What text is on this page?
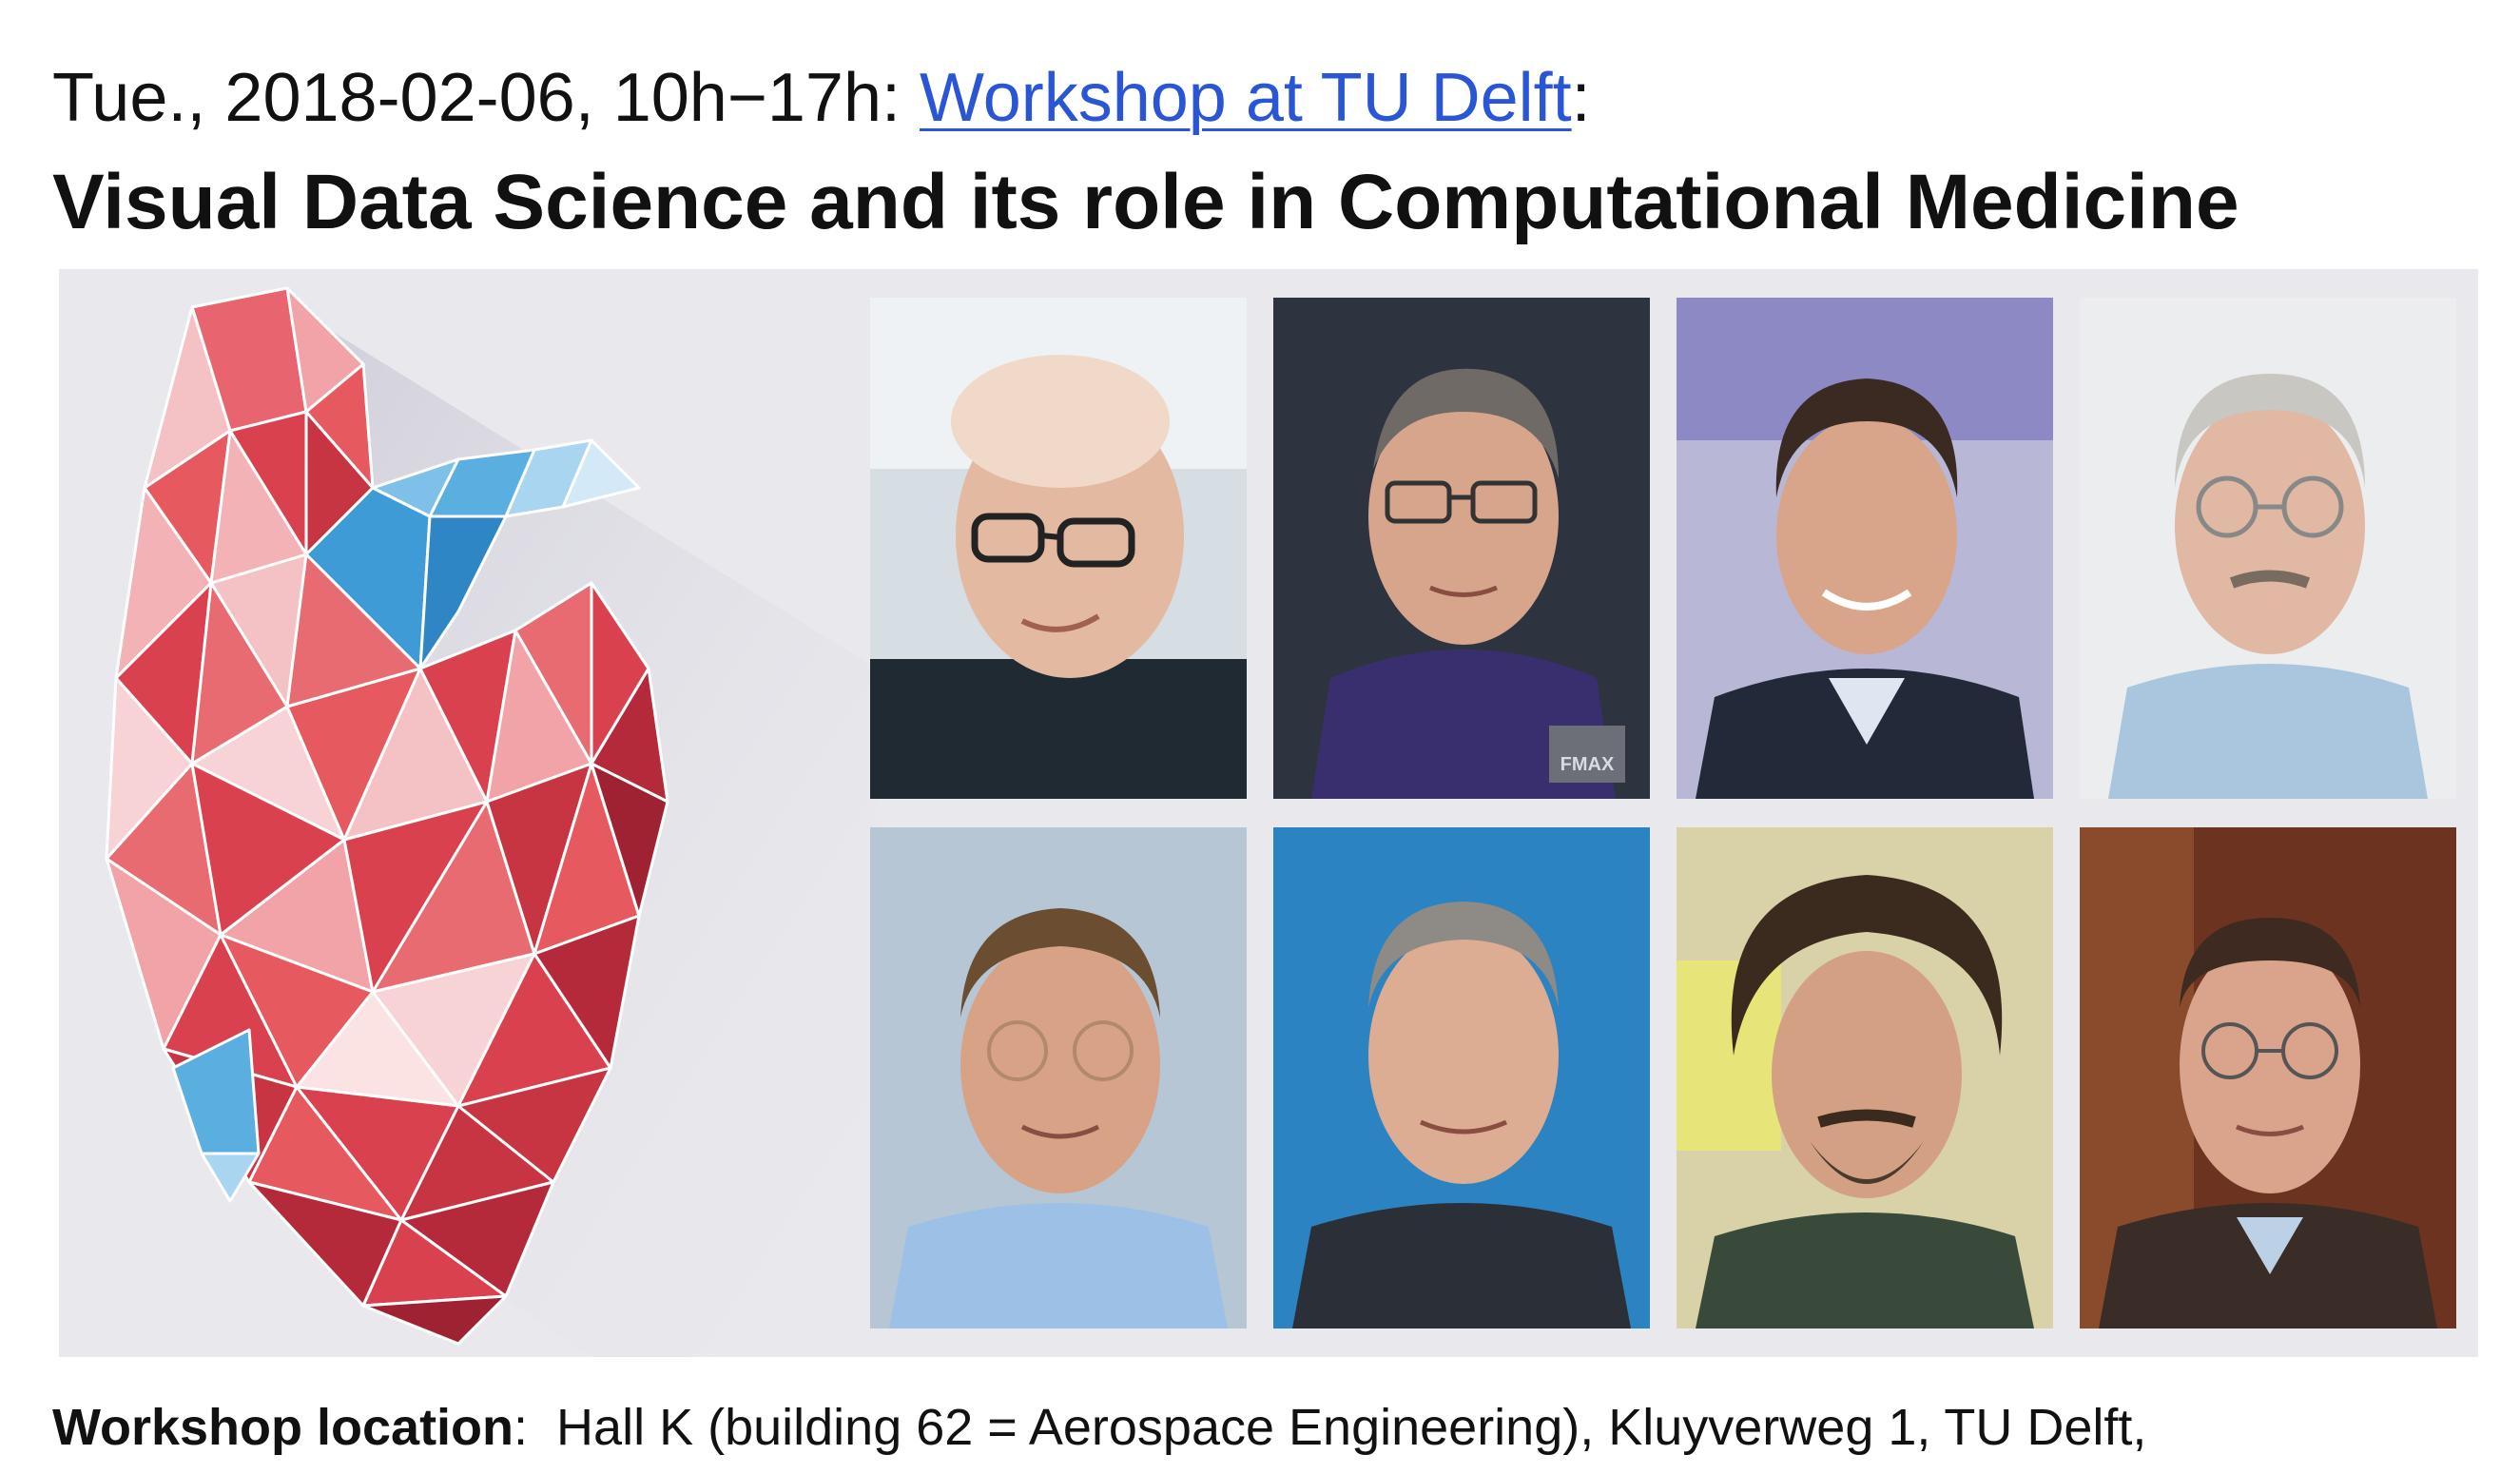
Tue., 2018-02-06, 10h−17h: Workshop at TU Delft:
Visual Data Science and its role in Computational Medicine
FMAX
Workshop location:  Hall K (building 62 = Aerospace Engineering), Kluyverweg 1, TU Delft,
